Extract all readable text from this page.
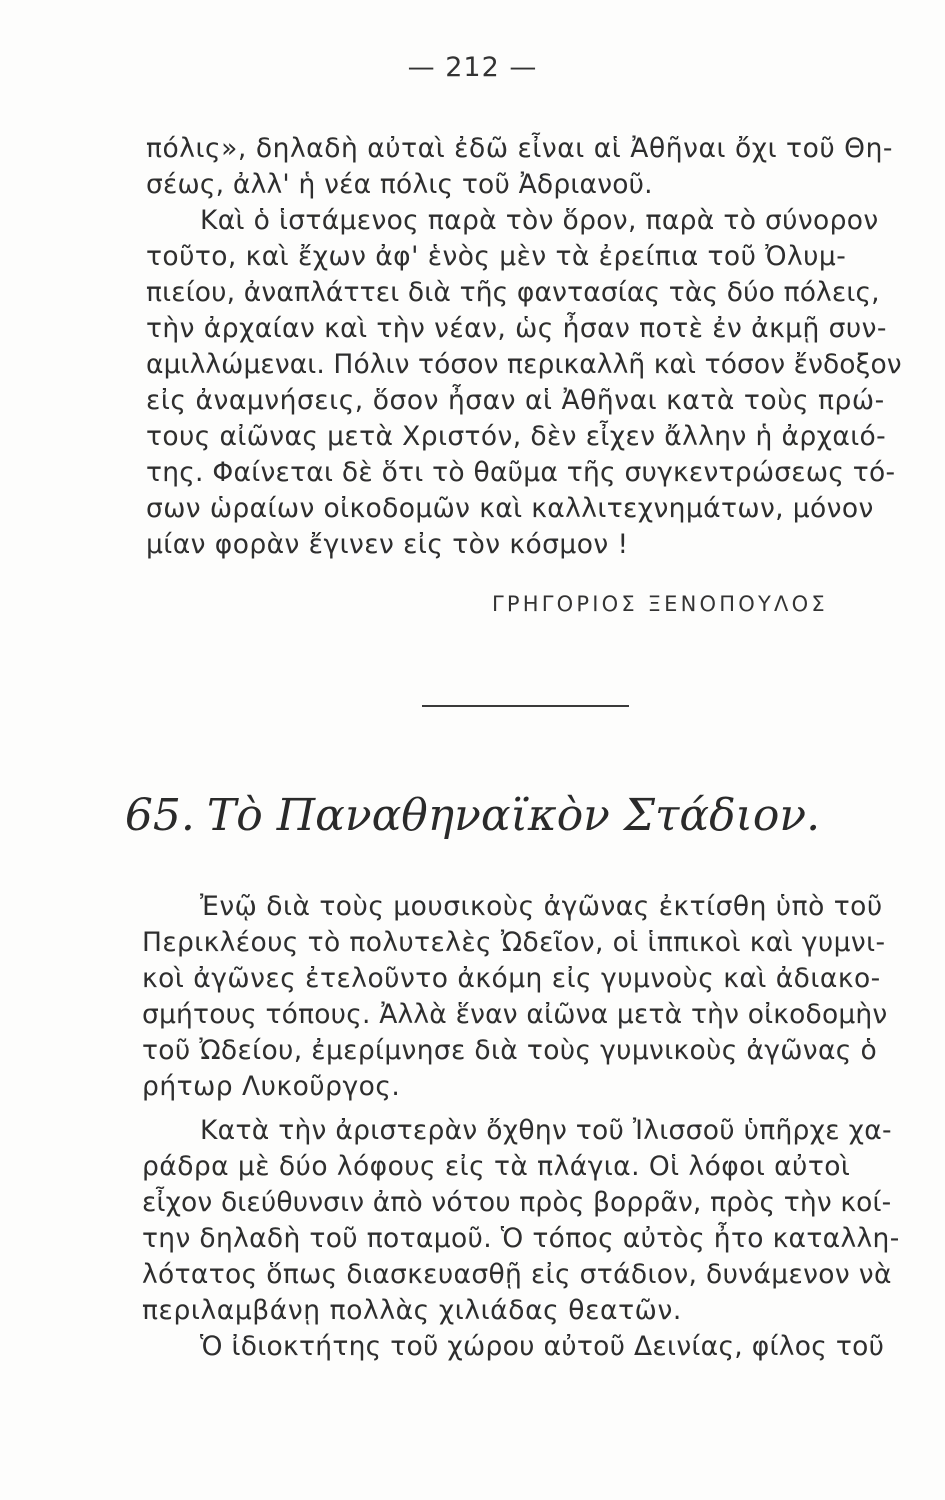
— 212 —
πόλις», δηλαδὴ αὐταὶ ἐδῶ εἶναι αἱ Ἀθῆναι ὄχι τοῦ Θη-
σέως, ἀλλ' ἡ νέα πόλις τοῦ Ἀδριανοῦ.
Καὶ ὁ ἱστάμενος παρὰ τὸν ὅρον, παρὰ τὸ σύνορον
τοῦτο, καὶ ἔχων ἀφ' ἑνὸς μὲν τὰ ἐρείπια τοῦ Ὀλυμ-
πιείου, ἀναπλάττει διὰ τῆς φαντασίας τὰς δύο πόλεις,
τὴν ἀρχαίαν καὶ τὴν νέαν, ὡς ἦσαν ποτὲ ἐν ἀκμῇ συν-
αμιλλώμεναι. Πόλιν τόσον περικαλλῆ καὶ τόσον ἔνδοξον
εἰς ἀναμνήσεις, ὅσον ἦσαν αἱ Ἀθῆναι κατὰ τοὺς πρώ-
τους αἰῶνας μετὰ Χριστόν, δὲν εἶχεν ἄλλην ἡ ἀρχαιό-
της. Φαίνεται δὲ ὅτι τὸ θαῦμα τῆς συγκεντρώσεως τό-
σων ὡραίων οἰκοδομῶν καὶ καλλιτεχνημάτων, μόνον
μίαν φορὰν ἔγινεν εἰς τὸν κόσμον !
ΓΡΗΓΟΡΙΟΣ ΞΕΝΟΠΟΥΛΟΣ
65. Τὸ Παναθηναϊκὸν Στάδιον.
Ἐνῷ διὰ τοὺς μουσικοὺς ἀγῶνας ἐκτίσθη ὑπὸ τοῦ
Περικλέους τὸ πολυτελὲς Ὠδεῖον, οἱ ἱππικοὶ καὶ γυμνι-
κοὶ ἀγῶνες ἐτελοῦντο ἀκόμη εἰς γυμνοὺς καὶ ἀδιακο-
σμήτους τόπους. Ἀλλὰ ἕναν αἰῶνα μετὰ τὴν οἰκοδομὴν
τοῦ Ὠδείου, ἐμερίμνησε διὰ τοὺς γυμνικοὺς ἀγῶνας ὁ
ρήτωρ Λυκοῦργος.
Κατὰ τὴν ἀριστερὰν ὄχθην τοῦ Ἰλισσοῦ ὑπῆρχε χα-
ράδρα μὲ δύο λόφους εἰς τὰ πλάγια. Οἱ λόφοι αὐτοὶ
εἶχον διεύθυνσιν ἀπὸ νότου πρὸς βορρᾶν, πρὸς τὴν κοί-
την δηλαδὴ τοῦ ποταμοῦ. Ὁ τόπος αὐτὸς ἦτο καταλλη-
λότατος ὅπως διασκευασθῇ εἰς στάδιον, δυνάμενον νὰ
περιλαμβάνῃ πολλὰς χιλιάδας θεατῶν.
Ὁ ἰδιοκτήτης τοῦ χώρου αὐτοῦ Δεινίας, φίλος τοῦ
